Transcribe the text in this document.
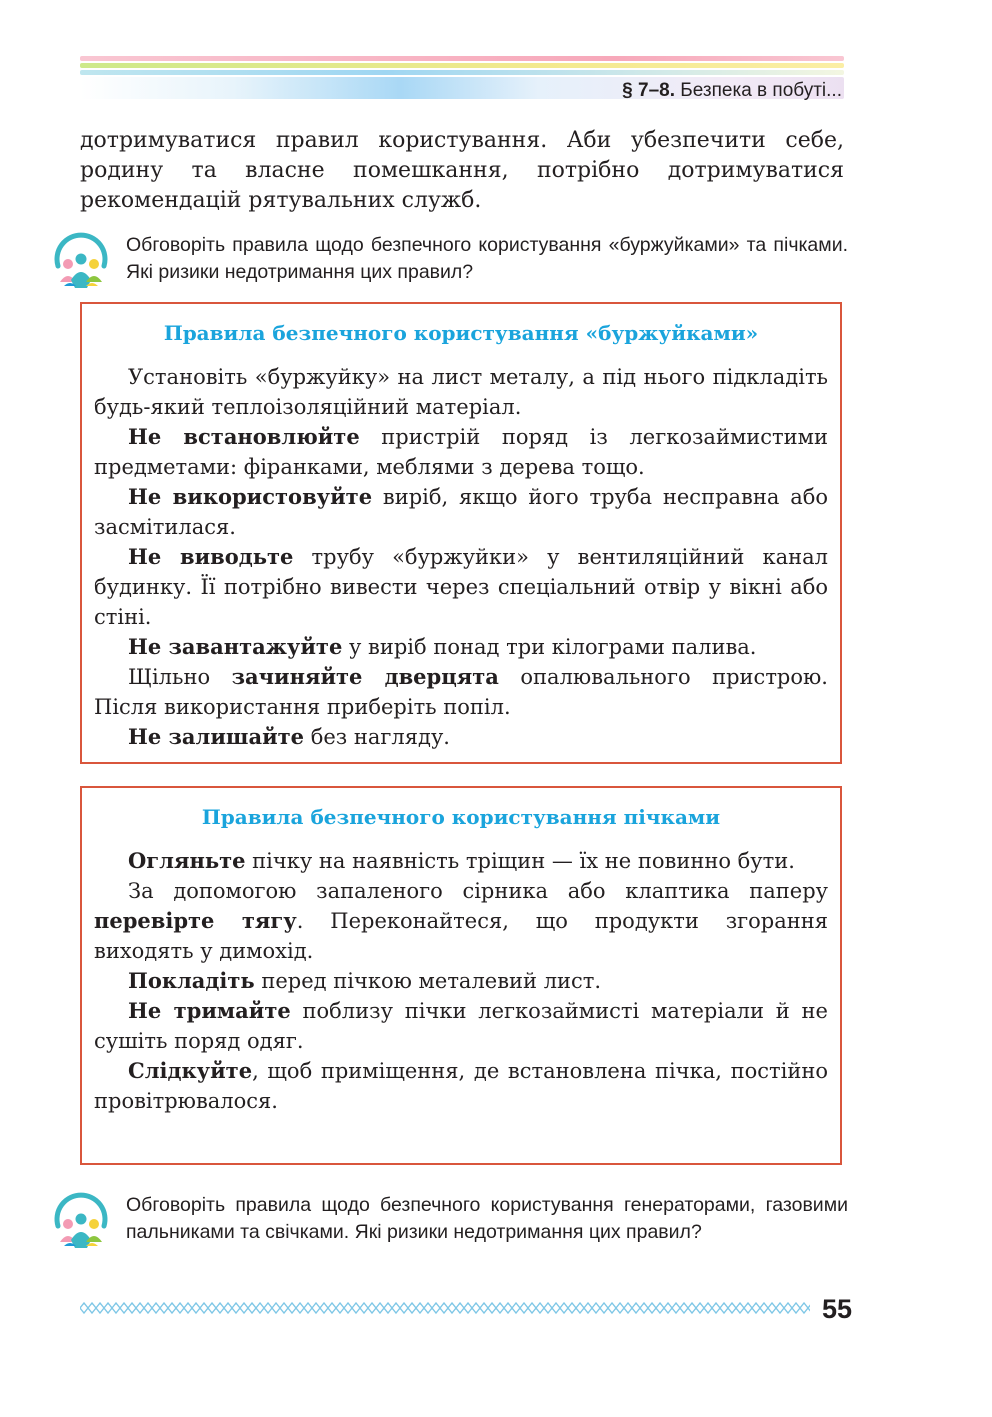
§ 7–8. Безпека в побуті...

дотримуватися правил користування. Аби убезпечити себе, родину та власне помешкання, потрібно дотримуватися рекомендацій рятувальних служб.

Обговоріть правила щодо безпечного користування «буржуйками» та пічками. Які ризики недотримання цих правил?

Правила безпечного користування «буржуйками»

Установіть «буржуйку» на лист металу, а під нього підкладіть будь-який теплоізоляційний матеріал.

Не встановлюйте пристрій поряд із легкозаймистими предметами: фіранками, меблями з дерева тощо.

Не використовуйте виріб, якщо його труба несправна або засмітилася.

Не виводьте трубу «буржуйки» у вентиляційний канал будинку. Її потрібно вивести через спеціальний отвір у вікні або стіні.

Не завантажуйте у виріб понад три кілограми палива.

Щільно зачиняйте дверцята опалювального пристрою. Після використання приберіть попіл.

Не залишайте без нагляду.

Правила безпечного користування пічками

Огляньте пічку на наявність тріщин — їх не повинно бути.

За допомогою запаленого сірника або клаптика паперу перевірте тягу. Переконайтеся, що продукти згорання виходять у димохід.

Покладіть перед пічкою металевий лист.

Не тримайте поблизу пічки легкозаймисті матеріали й не сушіть поряд одяг.

Слідкуйте, щоб приміщення, де встановлена пічка, постійно провітрювалося.

Обговоріть правила щодо безпечного користування генераторами, газовими пальниками та свічками. Які ризики недотримання цих правил?

55
